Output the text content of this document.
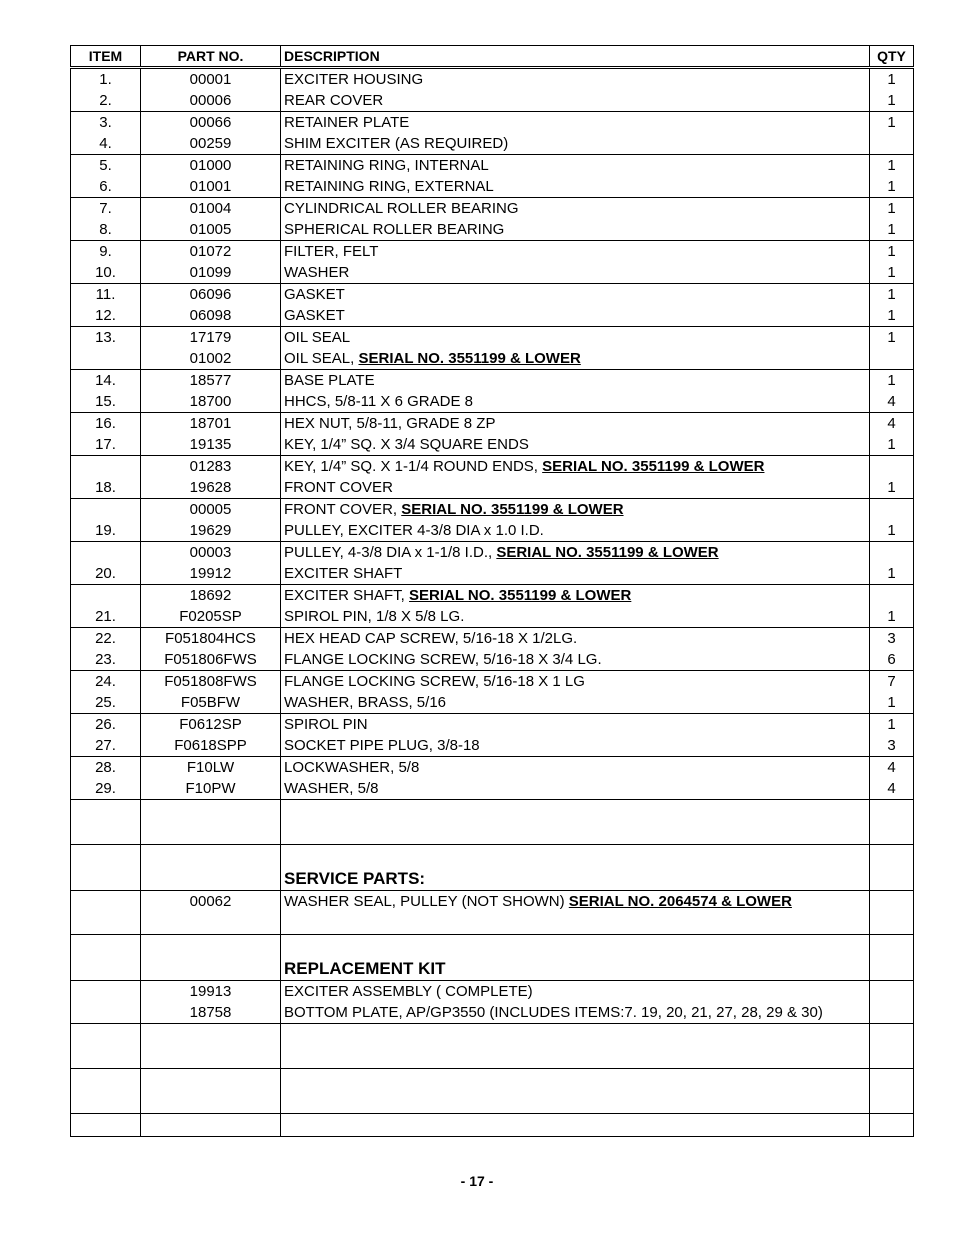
ITEM	PART NO.	DESCRIPTION	QTY
1.	00001	EXCITER HOUSING	1
2.	00006	REAR COVER	1
3.	00066	RETAINER PLATE	1
4.	00259	SHIM EXCITER (AS REQUIRED)	
5.	01000	RETAINING RING, INTERNAL	1
6.	01001	RETAINING RING, EXTERNAL	1
7.	01004	CYLINDRICAL ROLLER BEARING	1
8.	01005	SPHERICAL ROLLER BEARING	1
9.	01072	FILTER, FELT	1
10.	01099	WASHER	1
11.	06096	GASKET	1
12.	06098	GASKET	1
13.	17179	OIL SEAL	1
	01002	OIL SEAL, SERIAL NO. 3551199 & LOWER	
14.	18577	BASE PLATE	1
15.	18700	HHCS, 5/8-11 X 6 GRADE 8	4
16.	18701	HEX NUT, 5/8-11, GRADE 8 ZP	4
17.	19135	KEY, 1/4” SQ. X 3/4 SQUARE ENDS	1
	01283	KEY, 1/4” SQ. X 1-1/4 ROUND ENDS, SERIAL NO. 3551199 & LOWER	
18.	19628	FRONT COVER	1
	00005	FRONT COVER, SERIAL NO. 3551199 & LOWER	
19.	19629	PULLEY, EXCITER 4-3/8 DIA x 1.0 I.D.	1
	00003	PULLEY, 4-3/8 DIA x 1-1/8 I.D., SERIAL NO. 3551199 & LOWER	
20.	19912	EXCITER SHAFT	1
	18692	EXCITER SHAFT, SERIAL NO. 3551199 & LOWER	
21.	F0205SP	SPIROL PIN, 1/8 X 5/8 LG.	1
22.	F051804HCS	HEX HEAD CAP SCREW, 5/16-18 X 1/2LG.	3
23.	F051806FWS	FLANGE LOCKING SCREW, 5/16-18 X 3/4 LG.	6
24.	F051808FWS	FLANGE LOCKING SCREW, 5/16-18 X 1 LG	7
25.	F05BFW	WASHER, BRASS, 5/16	1
26.	F0612SP	SPIROL PIN	1
27.	F0618SPP	SOCKET PIPE PLUG, 3/8-18	3
28.	F10LW	LOCKWASHER, 5/8	4
29.	F10PW	WASHER, 5/8	4

		SERVICE PARTS:	
	00062	WASHER SEAL, PULLEY (NOT SHOWN) SERIAL NO. 2064574 & LOWER	

		REPLACEMENT KIT	
	19913	EXCITER ASSEMBLY ( COMPLETE)	
	18758	BOTTOM PLATE, AP/GP3550 (INCLUDES ITEMS:7. 19, 20, 21, 27, 28, 29 & 30)	

- 17 -
